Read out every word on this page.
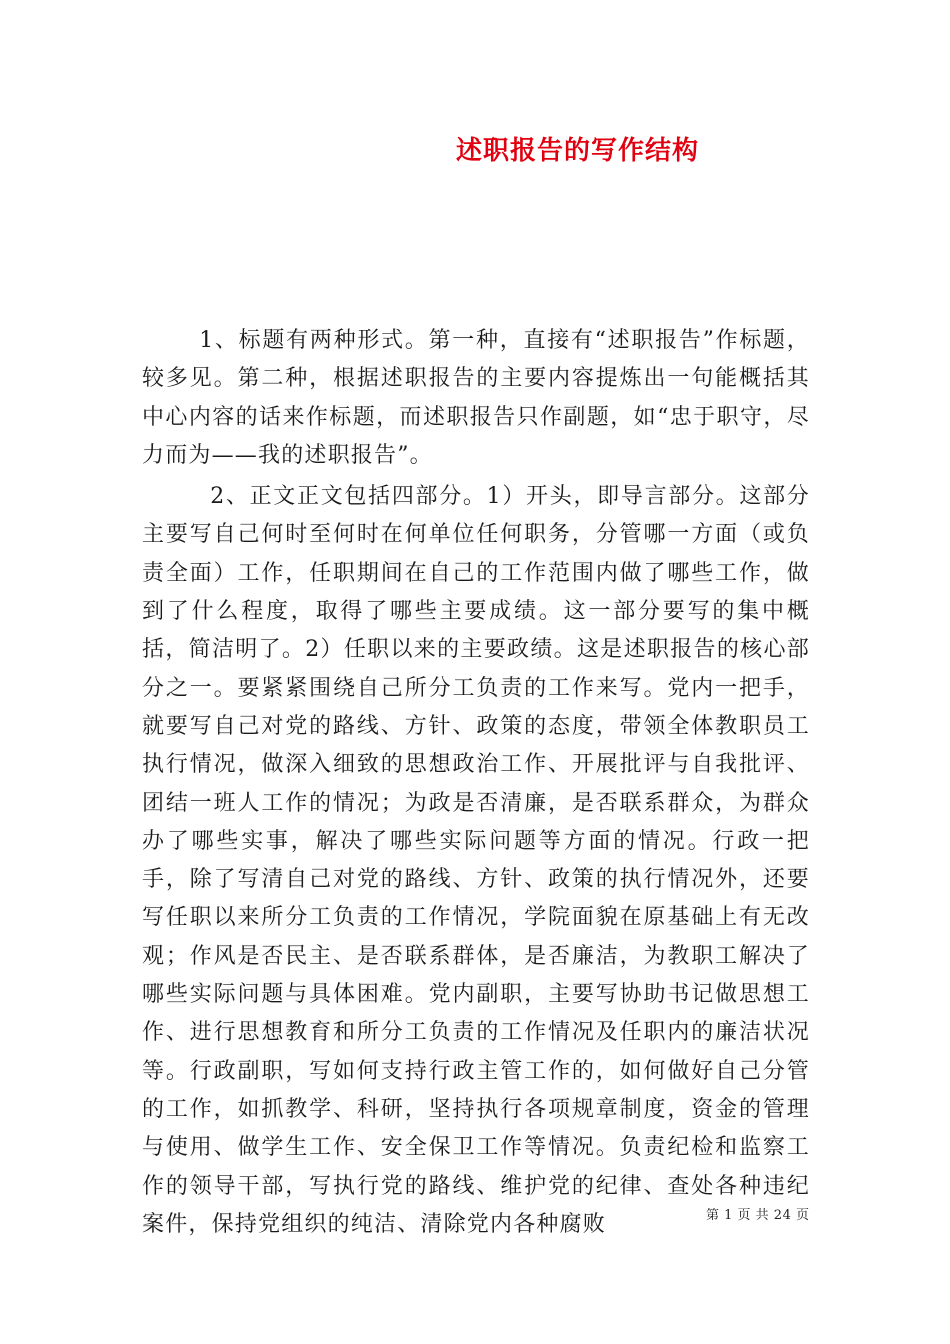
述职报告的写作结构

1、标题有两种形式。第一种，直接有“述职报告”作标题，较多见。第二种，根据述职报告的主要内容提炼出一句能概括其中心内容的话来作标题，而述职报告只作副题，如“忠于职守，尽力而为——我的述职报告”。

2、正文正文包括四部分。1）开头，即导言部分。这部分主要写自己何时至何时在何单位任何职务，分管哪一方面（或负责全面）工作，任职期间在自己的工作范围内做了哪些工作，做到了什么程度，取得了哪些主要成绩。这一部分要写的集中概括，简洁明了。2）任职以来的主要政绩。这是述职报告的核心部分之一。要紧紧围绕自己所分工负责的工作来写。党内一把手，就要写自己对党的路线、方针、政策的态度，带领全体教职员工执行情况，做深入细致的思想政治工作、开展批评与自我批评、团结一班人工作的情况；为政是否清廉，是否联系群众，为群众办了哪些实事，解决了哪些实际问题等方面的情况。行政一把手，除了写清自己对党的路线、方针、政策的执行情况外，还要写任职以来所分工负责的工作情况，学院面貌在原基础上有无改观；作风是否民主、是否联系群体，是否廉洁，为教职工解决了哪些实际问题与具体困难。党内副职，主要写协助书记做思想工作、进行思想教育和所分工负责的工作情况及任职内的廉洁状况等。行政副职，写如何支持行政主管工作的，如何做好自己分管的工作，如抓教学、科研，坚持执行各项规章制度，资金的管理与使用、做学生工作、安全保卫工作等情况。负责纪检和监察工作的领导干部，写执行党的路线、维护党的纪律、查处各种违纪案件，保持党组织的纯洁、清除党内各种腐败	第 1 页 共 24 页
